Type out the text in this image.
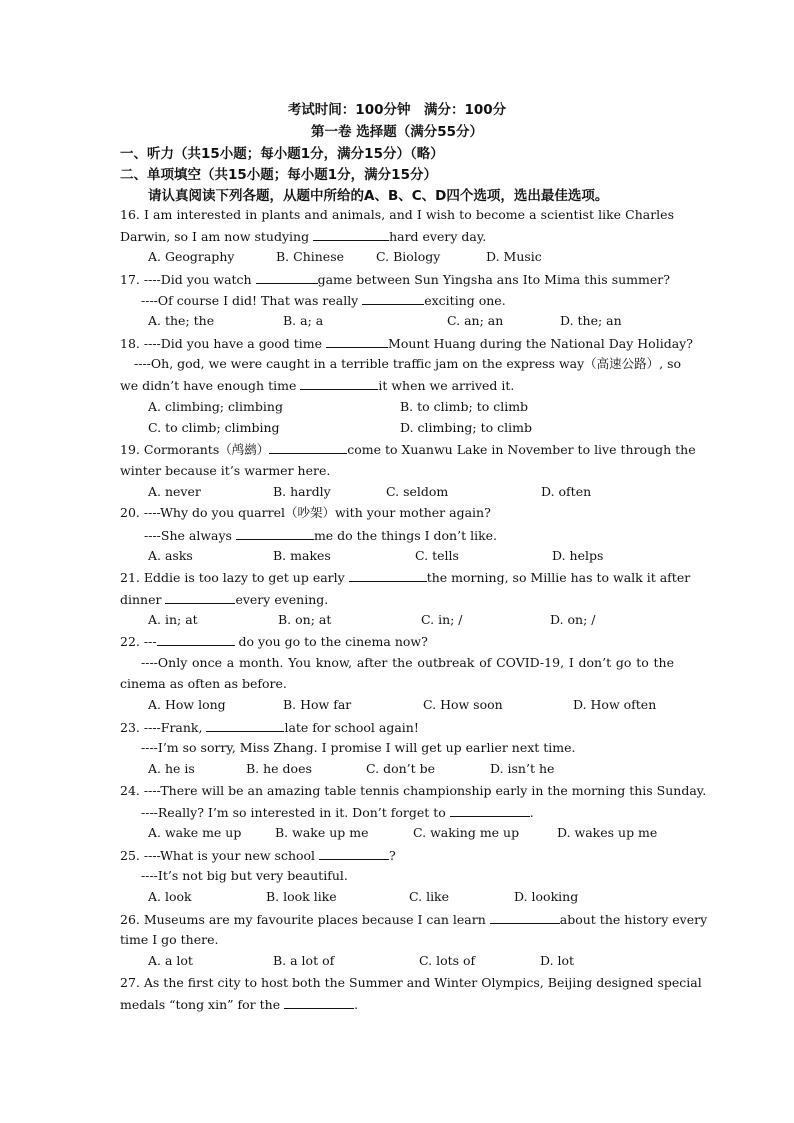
考试时间：100分钟　满分：100分
第一卷 选择题（满分55分）
一、听力（共15小题；每小题1分，满分15分）（略）
二、单项填空（共15小题；每小题1分，满分15分）
请认真阅读下列各题，从题中所给的A、B、C、D四个选项，选出最佳选项。
16. I am interested in plants and animals, and I wish to become a scientist like Charles
Darwin, so I am now studying	hard every day.
A. Geography	B. Chinese	C. Biology	D. Music
17. ----Did you watch	game between Sun Yingsha ans Ito Mima this summer?
----Of course I did! That was really	exciting one.
A. the; the	B. a; a	C. an; an	D. the; an
18. ----Did you have a good time	Mount Huang during the National Day Holiday?
----Oh, god, we were caught in a terrible traffic jam on the express way（高速公路）, so
we didn’t have enough time	it when we arrived it.
A. climbing; climbing	B. to climb; to climb
C. to climb; climbing	D. climbing; to climb
19. Cormorants（鸬鹚）	come to Xuanwu Lake in November to live through the
winter because it’s warmer here.
A. never	B. hardly	C. seldom	D. often
20. ----Why do you quarrel（吵架）with your mother again?
----She always	me do the things I don’t like.
A. asks	B. makes	C. tells	D. helps
21. Eddie is too lazy to get up early	the morning, so Millie has to walk it after
dinner	every evening.
A. in; at	B. on; at	C. in; /	D. on; /
22. ---	do you go to the cinema now?
----Only once a month. You know, after the outbreak of COVID-19, I don’t go to the
cinema as often as before.
A. How long	B. How far	C. How soon	D. How often
23. ----Frank,	late for school again!
----I’m so sorry, Miss Zhang. I promise I will get up earlier next time.
A. he is	B. he does	C. don’t be	D. isn’t he
24. ----There will be an amazing table tennis championship early in the morning this Sunday.
----Really? I’m so interested in it. Don’t forget to	.
A. wake me up	B. wake up me	C. waking me up	D. wakes up me
25. ----What is your new school	?
----It’s not big but very beautiful.
A. look	B. look like	C. like	D. looking
26. Museums are my favourite places because I can learn	about the history every
time I go there.
A. a lot	B. a lot of	C. lots of	D. lot
27. As the first city to host both the Summer and Winter Olympics, Beijing designed special
medals “tong xin” for the	.
